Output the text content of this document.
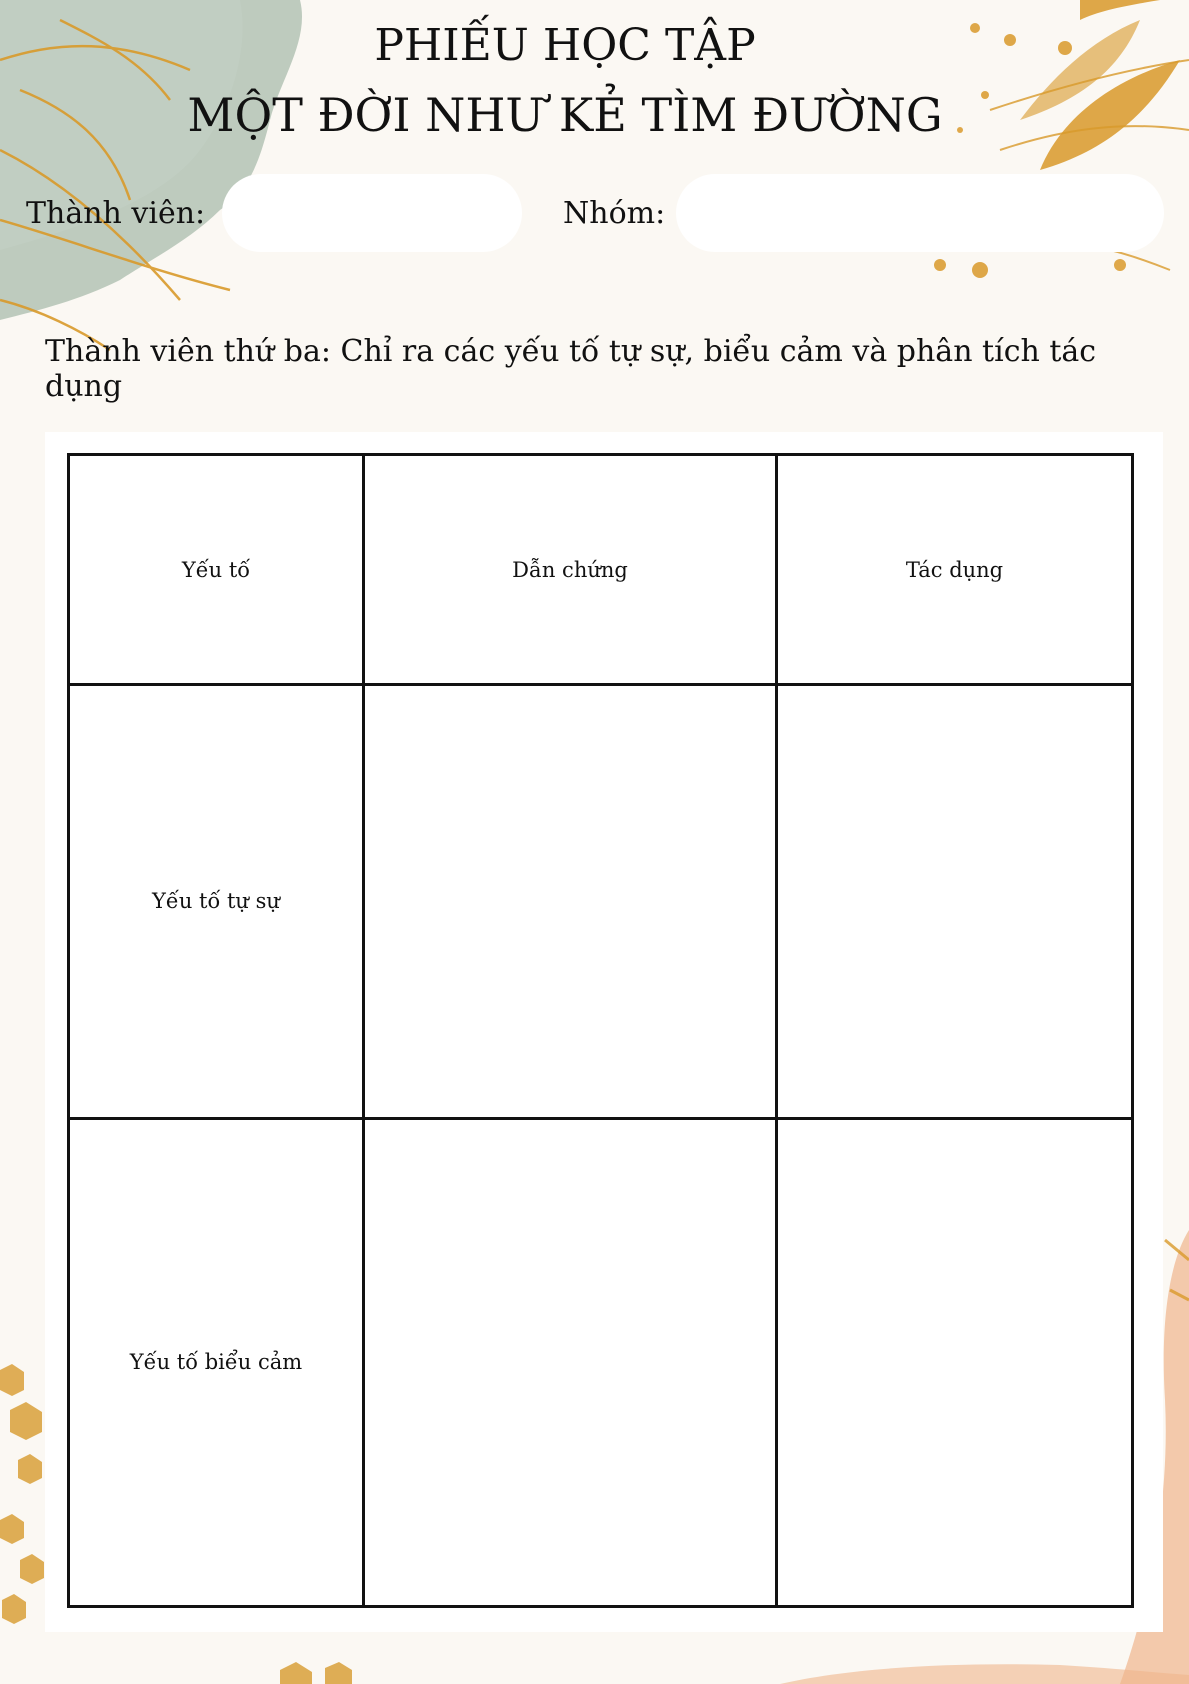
PHIẾU HỌC TẬP
MỘT ĐỜI NHƯ KẺ TÌM ĐƯỜNG
Thành viên:	Nhóm:
Thành viên thứ ba: Chỉ ra các yếu tố tự sự, biểu cảm và phân tích tác dụng
Yếu tố	Dẫn chứng	Tác dụng
Yếu tố tự sự		
Yếu tố biểu cảm		
